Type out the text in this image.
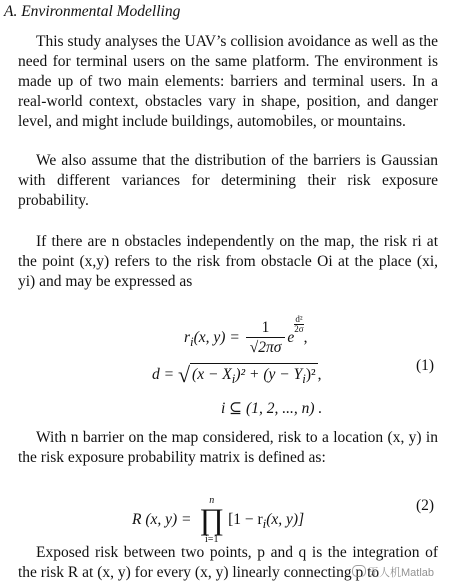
A. Environmental Modelling
This study analyses the UAV’s collision avoidance as well as the need for terminal users on the same platform. The environment is made up of two main elements: barriers and terminal users. In a real-world context, obstacles vary in shape, position, and danger level, and might include buildings, automobiles, or mountains.
We also assume that the distribution of the barriers is Gaussian with different variances for determining their risk exposure probability.
If there are n obstacles independently on the map, the risk ri at the point (x,y) refers to the risk from obstacle Oi at the place (xi, yi) and may be expressed as
$r_i(x$, $y) = \frac{1}{√2\pi\sigma}$ e
$\frac{\text{d²}}{2\sigma}$
,
d = √ $(x - X_i)^2 + (y - Y_i)^2$ ,
i ⊆ (1, 2, ..., n) .
(1)
With n barrier on the map considered, risk to a location (x, y) in the risk exposure probability matrix is defined as:
R (x, y) =
n
∏
i=1
[$1 - r_i(x$, y)]
(2)
Exposed risk between two points, p and q is the integration of the risk R at (x, y) for every (x, y) linearly connecting p to
无人机Matlab
